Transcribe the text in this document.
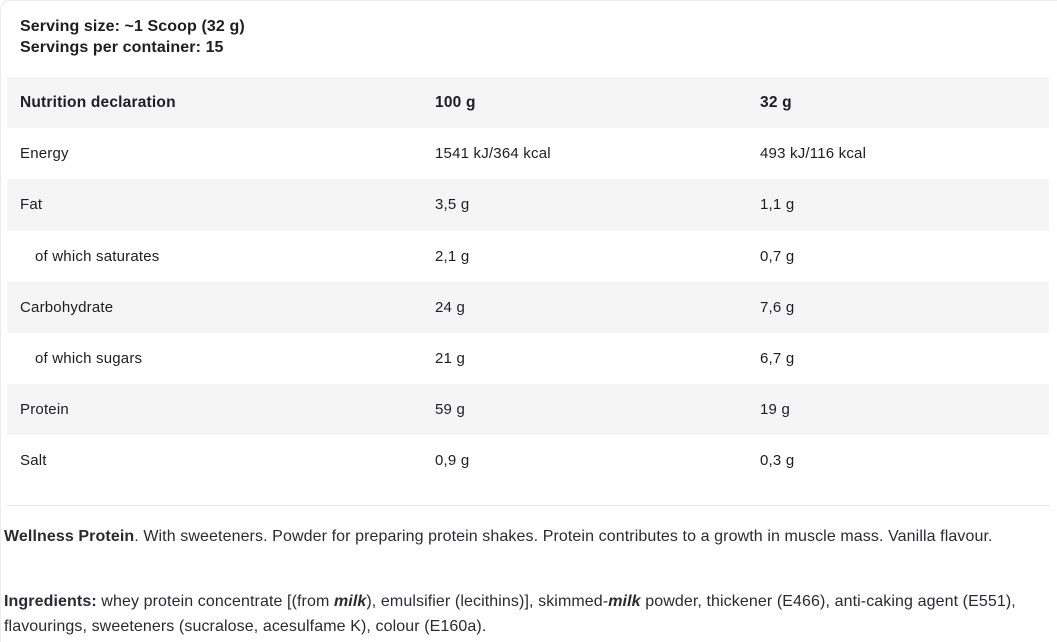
Serving size: ~1 Scoop (32 g)
Servings per container: 15
Nutrition declaration	100 g	32 g
Energy	1541 kJ/364 kcal	493 kJ/116 kcal
Fat	3,5 g	1,1 g
of which saturates	2,1 g	0,7 g
Carbohydrate	24 g	7,6 g
of which sugars	21 g	6,7 g
Protein	59 g	19 g
Salt	0,9 g	0,3 g

Wellness Protein. With sweeteners. Powder for preparing protein shakes. Protein contributes to a growth in muscle mass. Vanilla flavour.

Ingredients: whey protein concentrate [(from milk), emulsifier (lecithins)], skimmed-milk powder, thickener (E466), anti-caking agent (E551), flavourings, sweeteners (sucralose, acesulfame K), colour (E160a).
